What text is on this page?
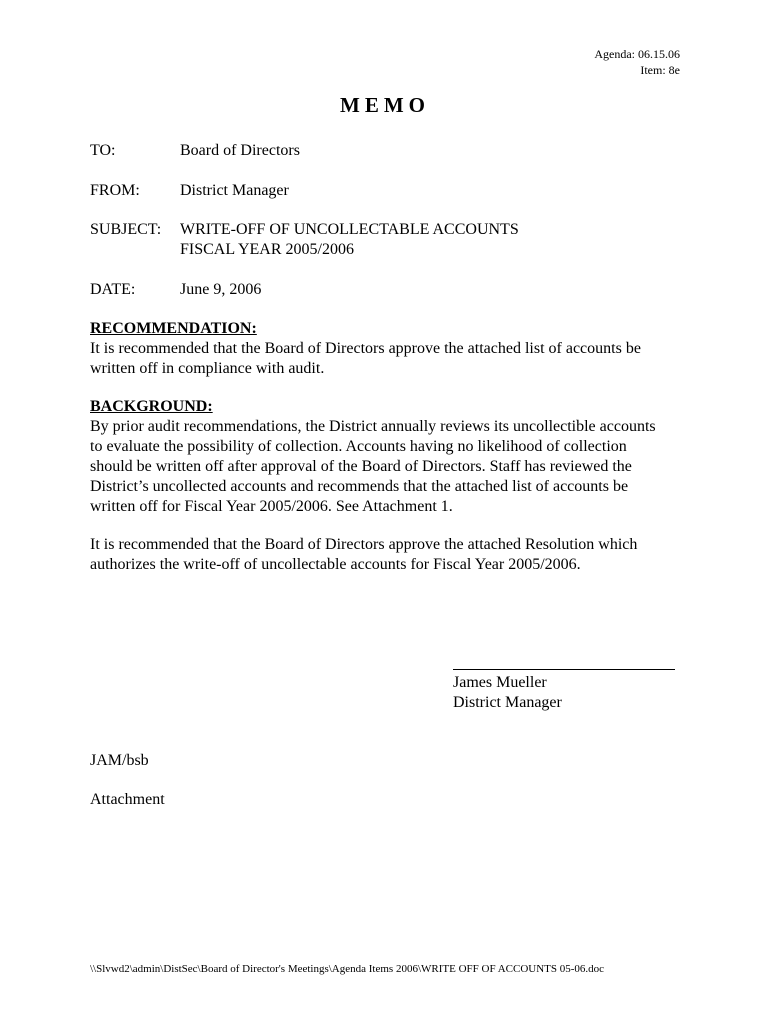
Agenda: 06.15.06
Item: 8e
MEMO
TO:	Board of Directors
FROM:	District Manager
SUBJECT:	WRITE-OFF OF UNCOLLECTABLE ACCOUNTS
FISCAL YEAR 2005/2006
DATE:	June 9, 2006

RECOMMENDATION:

It is recommended that the Board of Directors approve the attached list of accounts be

written off in compliance with audit.

BACKGROUND:

By prior audit recommendations, the District annually reviews its uncollectible accounts

to evaluate the possibility of collection. Accounts having no likelihood of collection

should be written off after approval of the Board of Directors. Staff has reviewed the

District’s uncollected accounts and recommends that the attached list of accounts be

written off for Fiscal Year 2005/2006. See Attachment 1.

It is recommended that the Board of Directors approve the attached Resolution which

authorizes the write-off of uncollectable accounts for Fiscal Year 2005/2006.

James Mueller
District Manager
JAM/bsb
Attachment
\\Slvwd2\admin\DistSec\Board of Director's Meetings\Agenda Items 2006\WRITE OFF OF ACCOUNTS 05-06.doc
